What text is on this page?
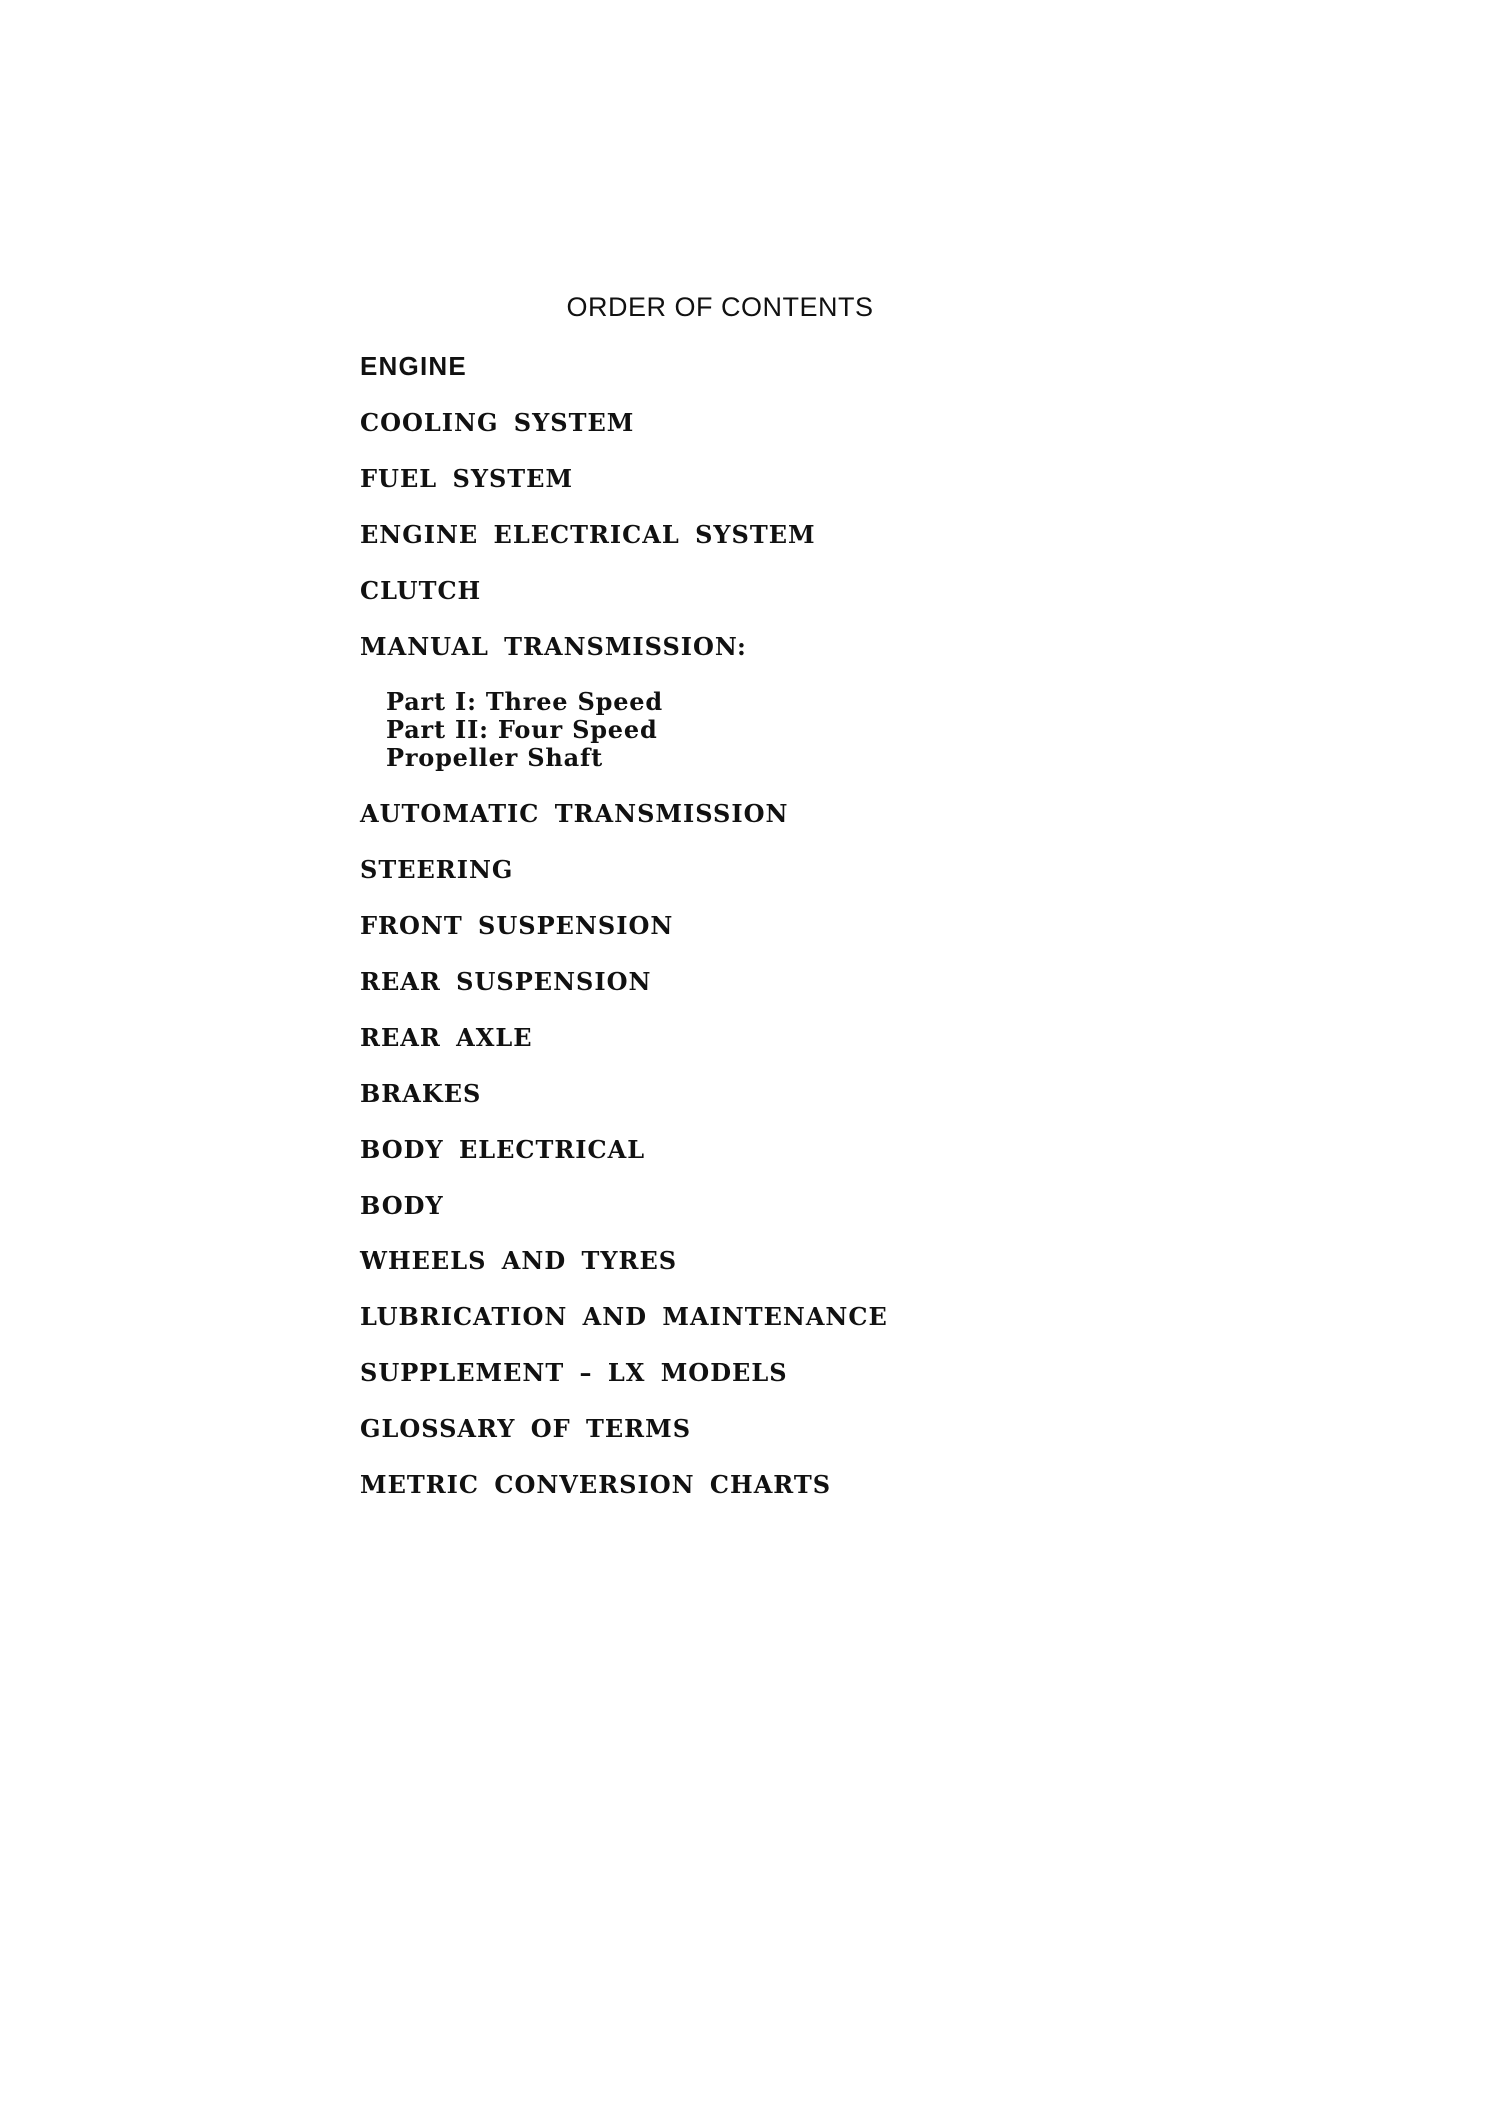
ORDER OF CONTENTS
ENGINE
COOLING SYSTEM
FUEL SYSTEM
ENGINE ELECTRICAL SYSTEM
CLUTCH
MANUAL TRANSMISSION:
Part I: Three Speed
Part II: Four Speed
Propeller Shaft
AUTOMATIC TRANSMISSION
STEERING
FRONT SUSPENSION
REAR SUSPENSION
REAR AXLE
BRAKES
BODY ELECTRICAL
BODY
WHEELS AND TYRES
LUBRICATION AND MAINTENANCE
SUPPLEMENT – LX MODELS
GLOSSARY OF TERMS
METRIC CONVERSION CHARTS
